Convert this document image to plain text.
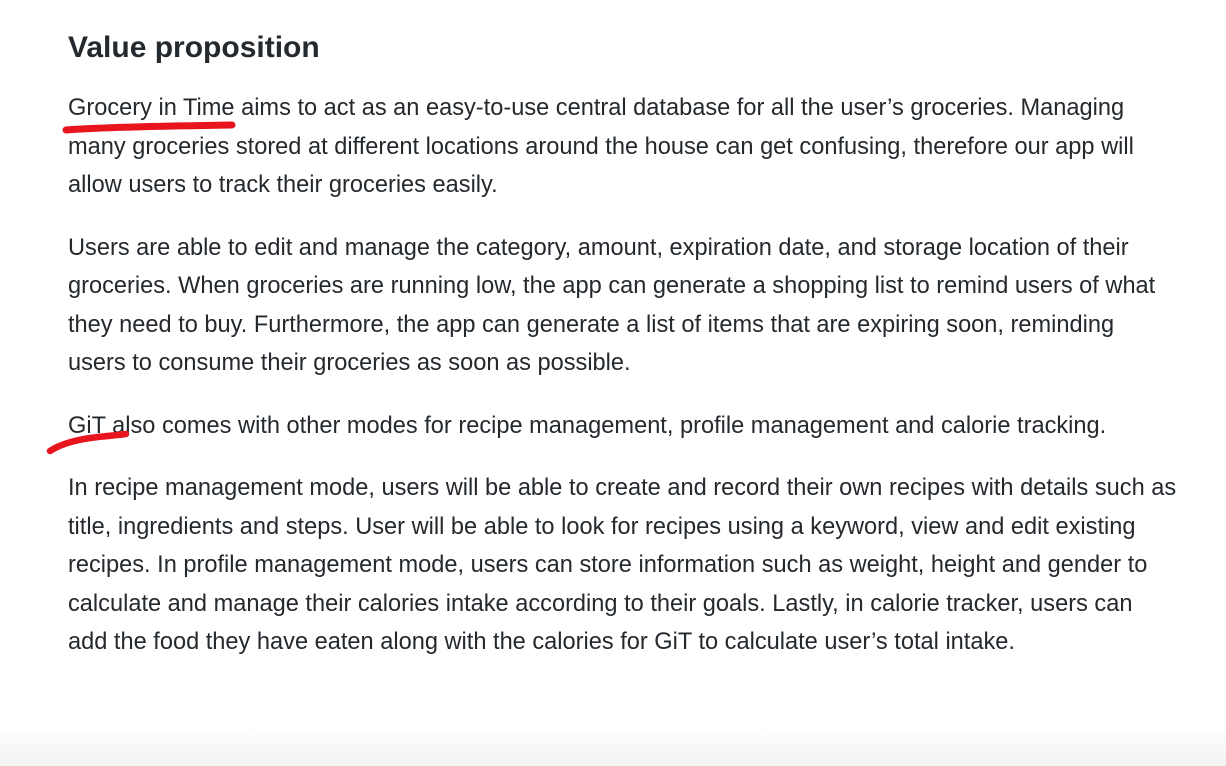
Value proposition

Grocery in Time aims to act as an easy-to-use central database for all the user’s groceries. Managing many groceries stored at different locations around the house can get confusing, therefore our app will allow users to track their groceries easily.

Users are able to edit and manage the category, amount, expiration date, and storage location of their groceries. When groceries are running low, the app can generate a shopping list to remind users of what they need to buy. Furthermore, the app can generate a list of items that are expiring soon, reminding users to consume their groceries as soon as possible.

GiT also comes with other modes for recipe management, profile management and calorie tracking.

In recipe management mode, users will be able to create and record their own recipes with details such as title, ingredients and steps. User will be able to look for recipes using a keyword, view and edit existing recipes. In profile management mode, users can store information such as weight, height and gender to calculate and manage their calories intake according to their goals. Lastly, in calorie tracker, users can add the food they have eaten along with the calories for GiT to calculate user’s total intake.
